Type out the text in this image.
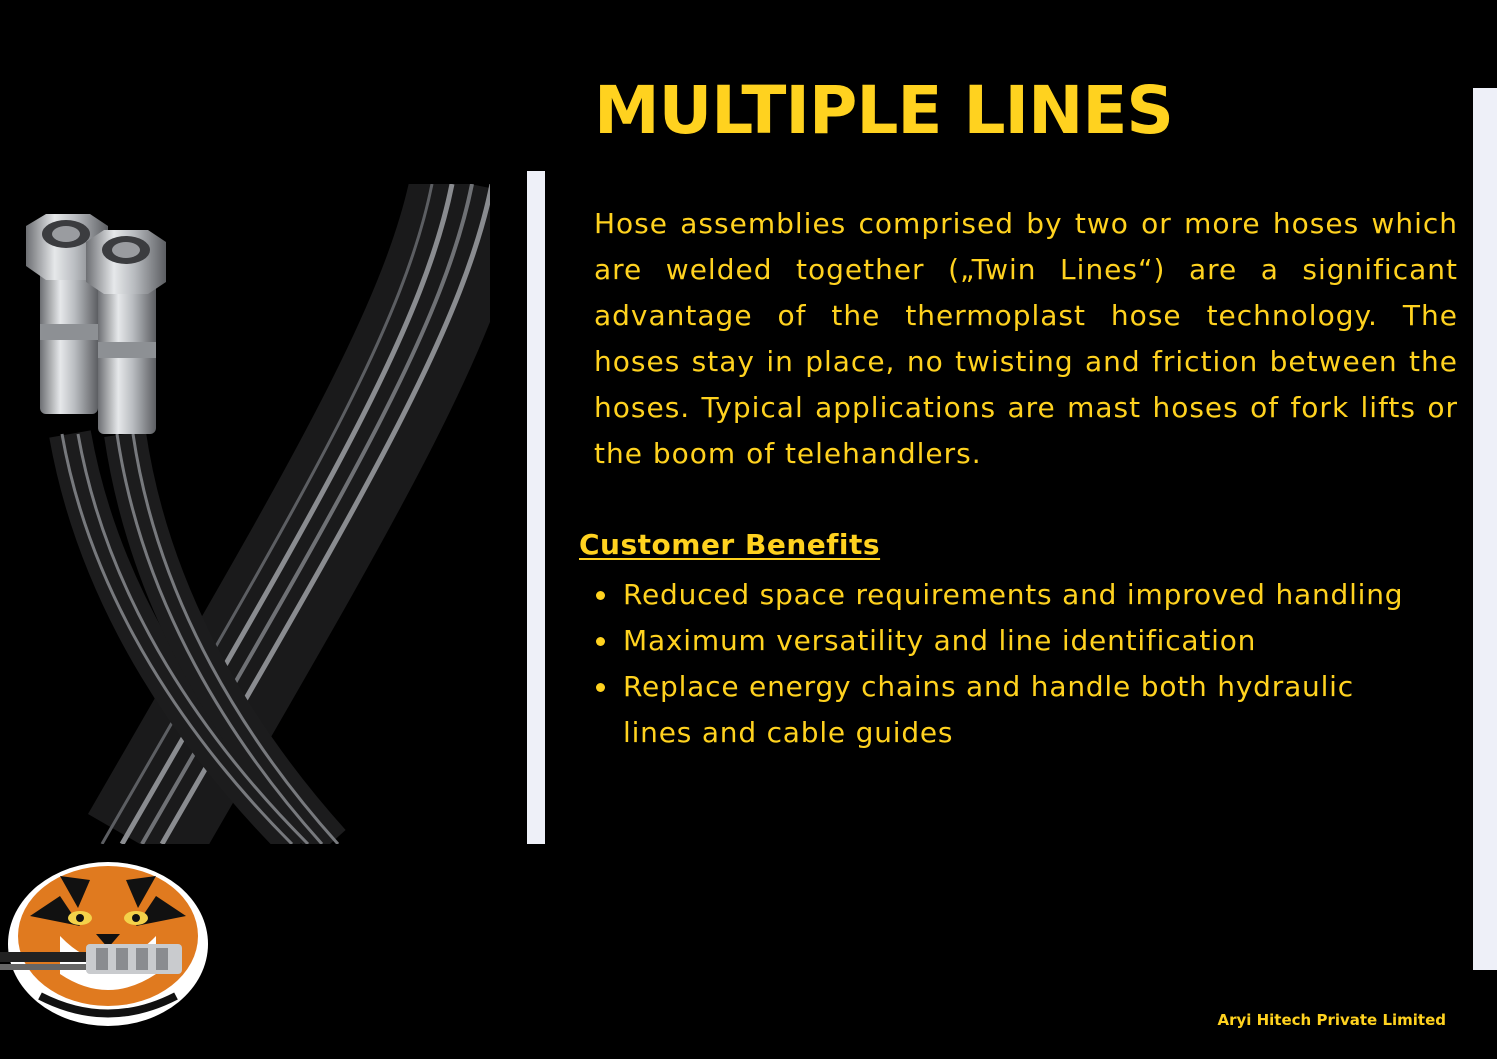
MULTIPLE LINES

Hose assemblies comprised by two or more hoses which are welded together („Twin Lines“) are a significant advantage of the thermoplast hose technology. The hoses stay in place, no twisting and friction between the hoses. Typical applications are mast hoses of fork lifts or the boom of telehandlers.

Customer Benefits
Reduced space requirements and improved handling
Maximum versatility and line identification
Replace energy chains and handle both hydraulic lines and cable guides
Aryi Hitech Private Limited
